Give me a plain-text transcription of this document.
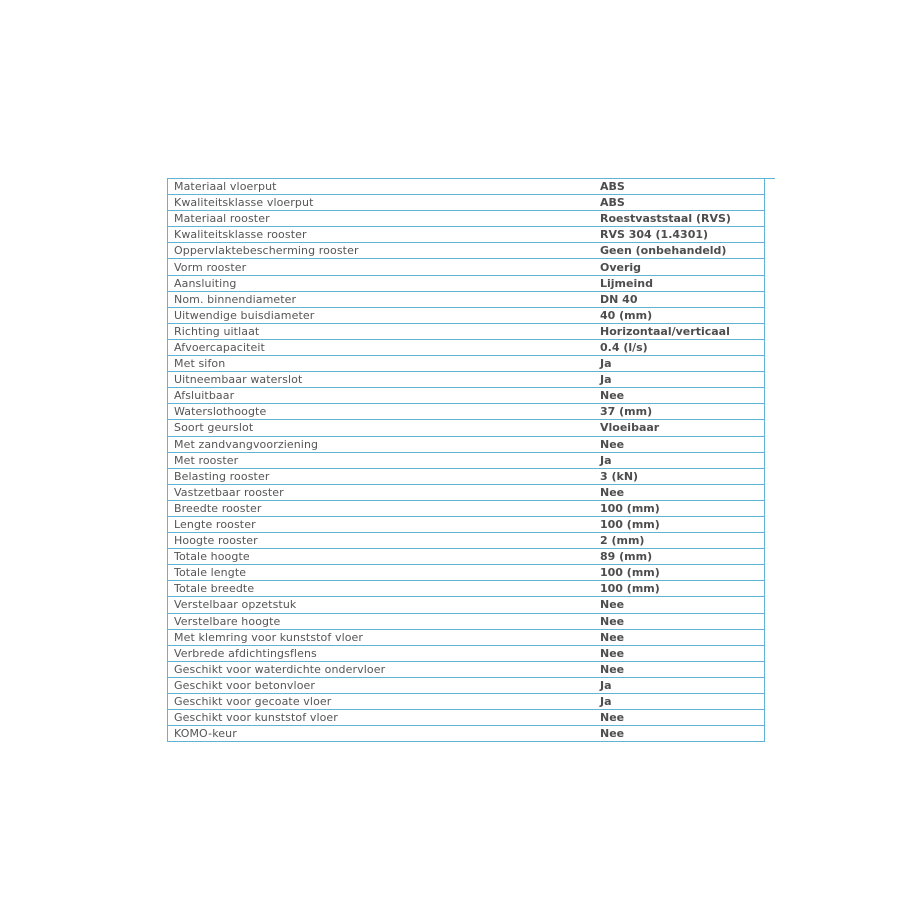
Materiaal vloerput	ABS
Kwaliteitsklasse vloerput	ABS
Materiaal rooster	Roestvaststaal (RVS)
Kwaliteitsklasse rooster	RVS 304 (1.4301)
Oppervlaktebescherming rooster	Geen (onbehandeld)
Vorm rooster	Overig
Aansluiting	Lijmeind
Nom. binnendiameter	DN 40
Uitwendige buisdiameter	40 (mm)
Richting uitlaat	Horizontaal/verticaal
Afvoercapaciteit	0.4 (l/s)
Met sifon	Ja
Uitneembaar waterslot	Ja
Afsluitbaar	Nee
Waterslothoogte	37 (mm)
Soort geurslot	Vloeibaar
Met zandvangvoorziening	Nee
Met rooster	Ja
Belasting rooster	3 (kN)
Vastzetbaar rooster	Nee
Breedte rooster	100 (mm)
Lengte rooster	100 (mm)
Hoogte rooster	2 (mm)
Totale hoogte	89 (mm)
Totale lengte	100 (mm)
Totale breedte	100 (mm)
Verstelbaar opzetstuk	Nee
Verstelbare hoogte	Nee
Met klemring voor kunststof vloer	Nee
Verbrede afdichtingsflens	Nee
Geschikt voor waterdichte ondervloer	Nee
Geschikt voor betonvloer	Ja
Geschikt voor gecoate vloer	Ja
Geschikt voor kunststof vloer	Nee
KOMO-keur	Nee
